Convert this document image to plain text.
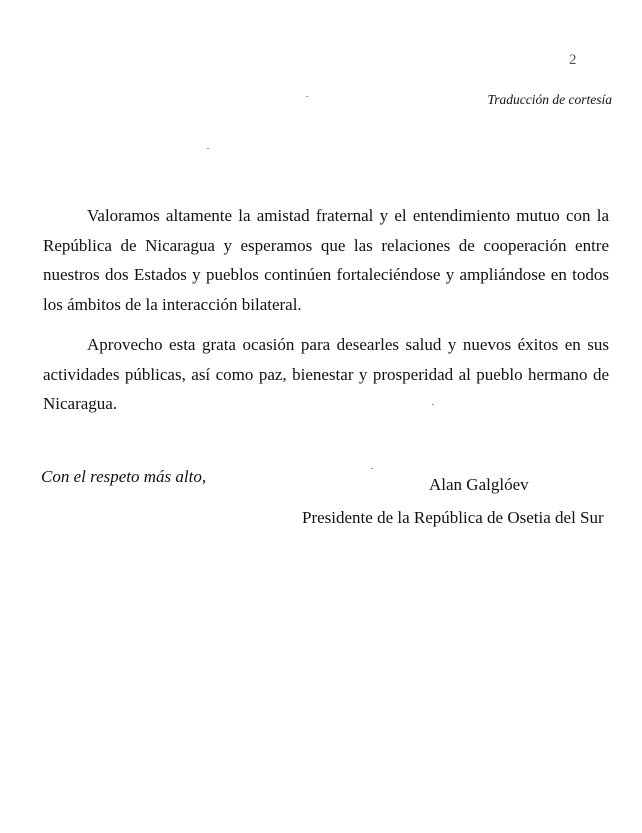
2
Traducción de cortesía

Valoramos altamente la amistad fraternal y el entendimiento mutuo con la República de Nicaragua y esperamos que las relaciones de cooperación entre nuestros dos Estados y pueblos continúen fortaleciéndose y ampliándose en todos los ámbitos de la interacción bilateral.

Aprovecho esta grata ocasión para desearles salud y nuevos éxitos en sus actividades públicas, así como paz, bienestar y prosperidad al pueblo hermano de Nicaragua.

Con el respeto más alto,	Alan Galglóev
Presidente de la República de Osetia del Sur
